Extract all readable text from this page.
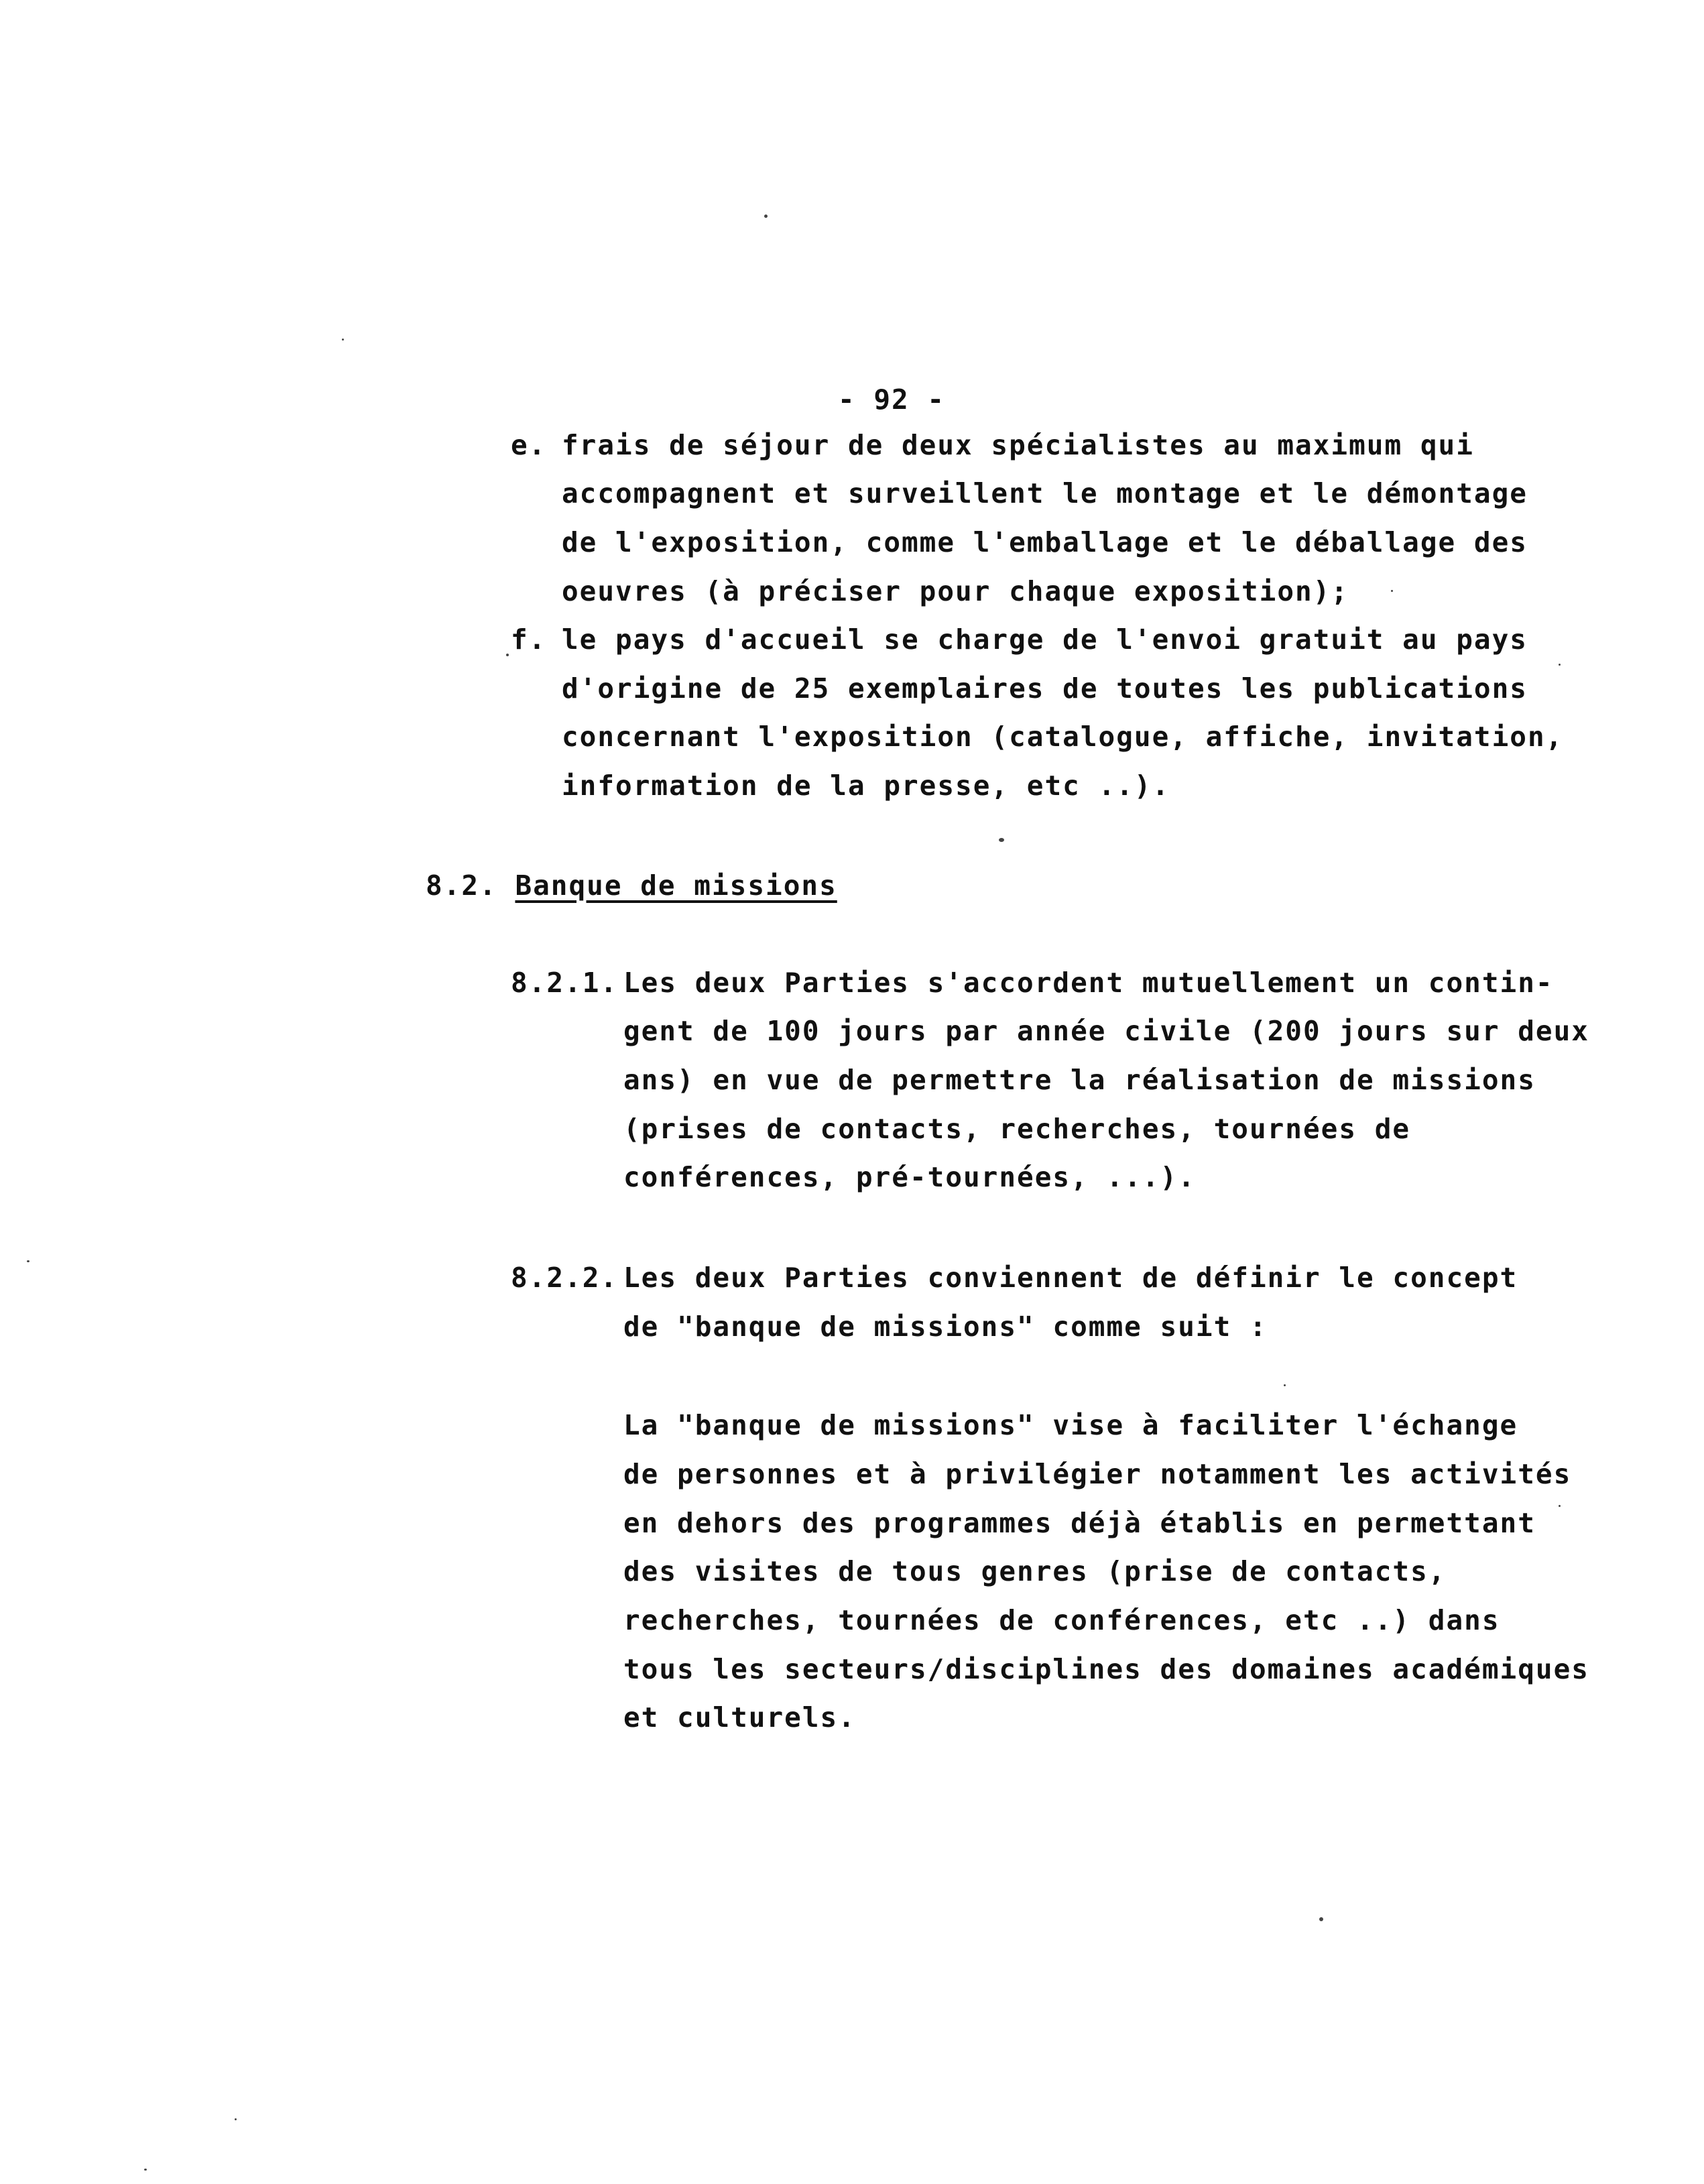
- 92 -
e. frais de séjour de deux spécialistes au maximum qui
accompagnent et surveillent le montage et le démontage
de l'exposition, comme l'emballage et le déballage des
oeuvres (à préciser pour chaque exposition);
f. le pays d'accueil se charge de l'envoi gratuit au pays
d'origine de 25 exemplaires de toutes les publications
concernant l'exposition (catalogue, affiche, invitation,
information de la presse, etc ..).
8.2. Banque de missions
8.2.1. Les deux Parties s'accordent mutuellement un contin-
gent de 100 jours par année civile (200 jours sur deux
ans) en vue de permettre la réalisation de missions
(prises de contacts, recherches, tournées de
conférences, pré-tournées, ...).
8.2.2. Les deux Parties conviennent de définir le concept
de "banque de missions" comme suit :
La "banque de missions" vise à faciliter l'échange
de personnes et à privilégier notamment les activités
en dehors des programmes déjà établis en permettant
des visites de tous genres (prise de contacts,
recherches, tournées de conférences, etc ..) dans
tous les secteurs/disciplines des domaines académiques
et culturels.
